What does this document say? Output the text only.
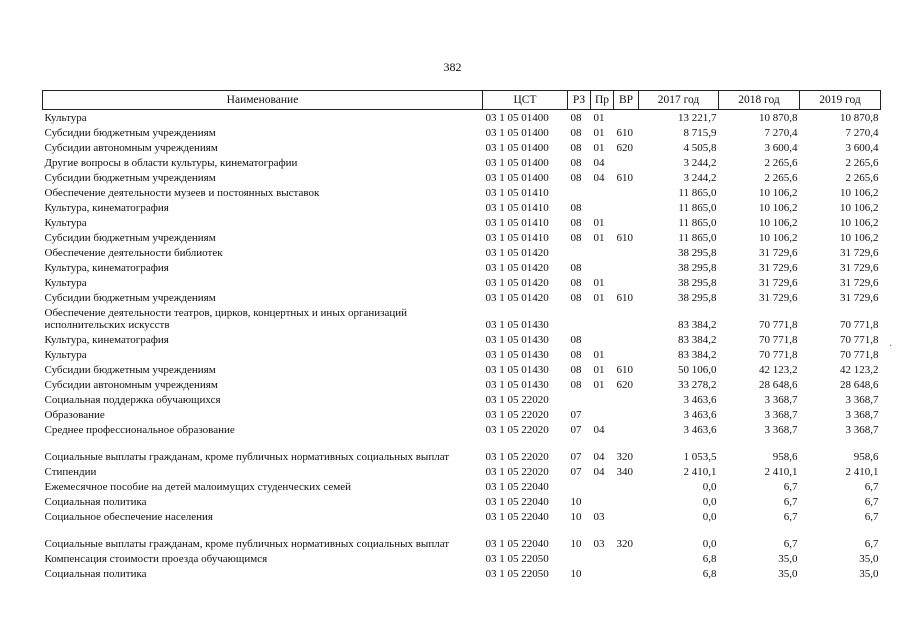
382
Наименование	ЦСТ	РЗ	Пр	ВР	2017 год	2018 год	2019 год
Культура	03 1 05 01400	08	01		13 221,7	10 870,8	10 870,8
Субсидии бюджетным учреждениям	03 1 05 01400	08	01	610	8 715,9	7 270,4	7 270,4
Субсидии автономным учреждениям	03 1 05 01400	08	01	620	4 505,8	3 600,4	3 600,4
Другие вопросы в области культуры, кинематографии	03 1 05 01400	08	04		3 244,2	2 265,6	2 265,6
Субсидии бюджетным учреждениям	03 1 05 01400	08	04	610	3 244,2	2 265,6	2 265,6
Обеспечение деятельности музеев и постоянных выставок	03 1 05 01410				11 865,0	10 106,2	10 106,2
Культура, кинематография	03 1 05 01410	08			11 865,0	10 106,2	10 106,2
Культура	03 1 05 01410	08	01		11 865,0	10 106,2	10 106,2
Субсидии бюджетным учреждениям	03 1 05 01410	08	01	610	11 865,0	10 106,2	10 106,2
Обеспечение деятельности библиотек	03 1 05 01420				38 295,8	31 729,6	31 729,6
Культура, кинематография	03 1 05 01420	08			38 295,8	31 729,6	31 729,6
Культура	03 1 05 01420	08	01		38 295,8	31 729,6	31 729,6
Субсидии бюджетным учреждениям	03 1 05 01420	08	01	610	38 295,8	31 729,6	31 729,6
Обеспечение деятельности театров, цирков, концертных и иных организаций исполнительских искусств	03 1 05 01430				83 384,2	70 771,8	70 771,8
Культура, кинематография	03 1 05 01430	08			83 384,2	70 771,8	70 771,8
Культура	03 1 05 01430	08	01		83 384,2	70 771,8	70 771,8
Субсидии бюджетным учреждениям	03 1 05 01430	08	01	610	50 106,0	42 123,2	42 123,2
Субсидии автономным учреждениям	03 1 05 01430	08	01	620	33 278,2	28 648,6	28 648,6
Социальная поддержка обучающихся	03 1 05 22020				3 463,6	3 368,7	3 368,7
Образование	03 1 05 22020	07			3 463,6	3 368,7	3 368,7
Среднее профессиональное образование	03 1 05 22020	07	04		3 463,6	3 368,7	3 368,7
Социальные выплаты гражданам, кроме публичных нормативных социальных выплат	03 1 05 22020	07	04	320	1 053,5	958,6	958,6
Стипендии	03 1 05 22020	07	04	340	2 410,1	2 410,1	2 410,1
Ежемесячное пособие на детей малоимущих студенческих семей	03 1 05 22040				0,0	6,7	6,7
Социальная политика	03 1 05 22040	10			0,0	6,7	6,7
Социальное обеспечение населения	03 1 05 22040	10	03		0,0	6,7	6,7
Социальные выплаты гражданам, кроме публичных нормативных социальных выплат	03 1 05 22040	10	03	320	0,0	6,7	6,7
Компенсация стоимости проезда обучающимся	03 1 05 22050				6,8	35,0	35,0
Социальная политика	03 1 05 22050	10			6,8	35,0	35,0
·
